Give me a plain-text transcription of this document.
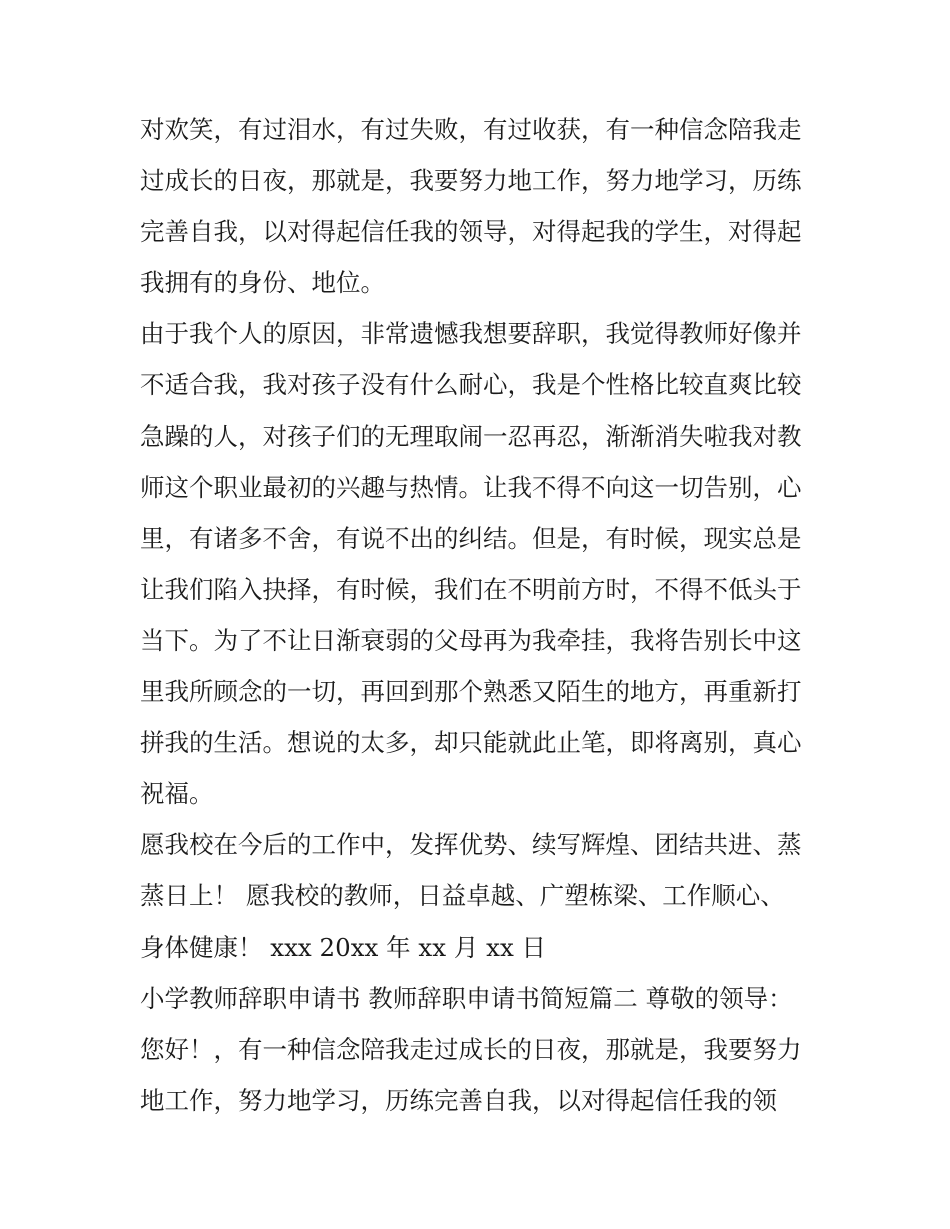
对欢笑，有过泪水，有过失败，有过收获，有一种信念陪我走
过成长的日夜，那就是，我要努力地工作，努力地学习，历练
完善自我，以对得起信任我的领导，对得起我的学生，对得起
我拥有的身份、地位。
由于我个人的原因，非常遗憾我想要辞职，我觉得教师好像并
不适合我，我对孩子没有什么耐心，我是个性格比较直爽比较
急躁的人，对孩子们的无理取闹一忍再忍，渐渐消失啦我对教
师这个职业最初的兴趣与热情。让我不得不向这一切告别，心
里，有诸多不舍，有说不出的纠结。但是，有时候，现实总是
让我们陷入抉择，有时候，我们在不明前方时，不得不低头于
当下。为了不让日渐衰弱的父母再为我牵挂，我将告别长中这
里我所顾念的一切，再回到那个熟悉又陌生的地方，再重新打
拼我的生活。想说的太多，却只能就此止笔，即将离别，真心
祝福。
愿我校在今后的工作中，发挥优势、续写辉煌、团结共进、蒸
蒸日上！ 愿我校的教师，日益卓越、广塑栋梁、工作顺心、
身体健康！ xxx 20xx 年 xx 月 xx 日
小学教师辞职申请书 教师辞职申请书简短篇二 尊敬的领导：
您好！，有一种信念陪我走过成长的日夜，那就是，我要努力
地工作，努力地学习，历练完善自我，以对得起信任我的领
